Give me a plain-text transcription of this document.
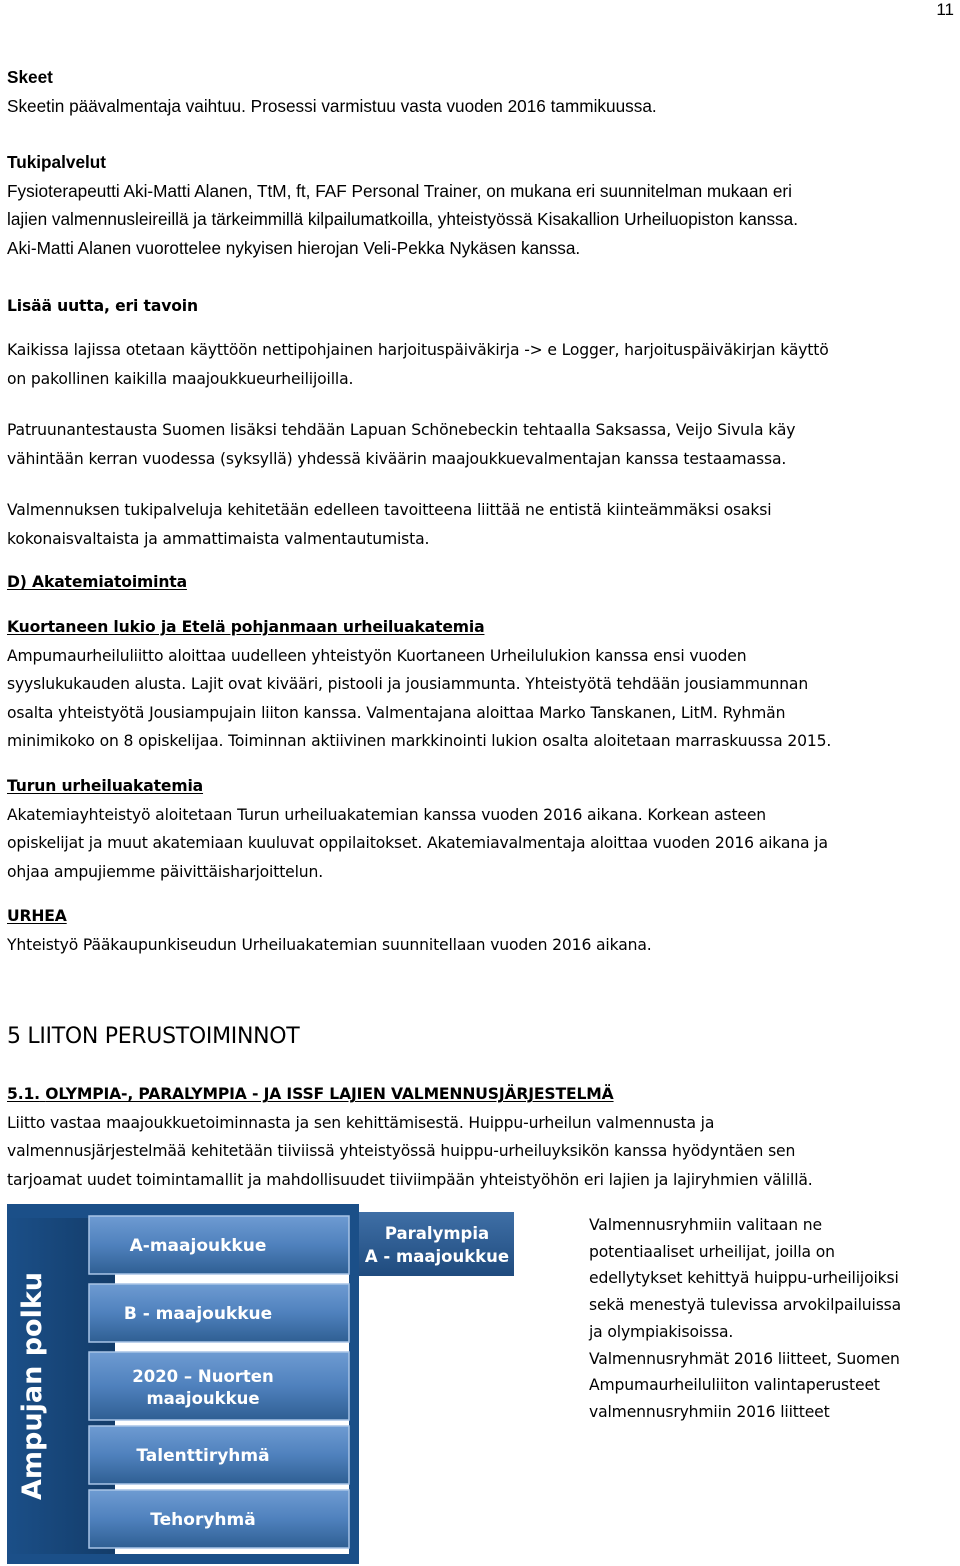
11
Skeet
Skeetin päävalmentaja vaihtuu. Prosessi varmistuu vasta vuoden 2016 tammikuussa.
Tukipalvelut
Fysioterapeutti Aki-Matti Alanen, TtM, ft, FAF Personal Trainer, on mukana eri suunnitelman mukaan eri
lajien valmennusleireillä ja tärkeimmillä kilpailumatkoilla, yhteistyössä Kisakallion Urheiluopiston kanssa.
Aki-Matti Alanen vuorottelee nykyisen hierojan Veli-Pekka Nykäsen kanssa.
Lisää uutta, eri tavoin
Kaikissa lajissa otetaan käyttöön nettipohjainen harjoituspäiväkirja -> e Logger, harjoituspäiväkirjan käyttö
on pakollinen kaikilla maajoukkueurheilijoilla.
Patruunantestausta Suomen lisäksi tehdään Lapuan Schönebeckin tehtaalla Saksassa, Veijo Sivula käy
vähintään kerran vuodessa (syksyllä) yhdessä kiväärin maajoukkuevalmentajan kanssa testaamassa.
Valmennuksen tukipalveluja kehitetään edelleen tavoitteena liittää ne entistä kiinteämmäksi osaksi
kokonaisvaltaista ja ammattimaista valmentautumista.
D) Akatemiatoiminta
Kuortaneen lukio ja Etelä pohjanmaan urheiluakatemia
Ampumaurheiluliitto aloittaa uudelleen yhteistyön Kuortaneen Urheilulukion kanssa ensi vuoden
syyslukukauden alusta. Lajit ovat kivääri, pistooli ja jousiammunta. Yhteistyötä tehdään jousiammunnan
osalta yhteistyötä Jousiampujain liiton kanssa. Valmentajana aloittaa Marko Tanskanen, LitM. Ryhmän
minimikoko on 8 opiskelijaa. Toiminnan aktiivinen markkinointi lukion osalta aloitetaan marraskuussa 2015.
Turun urheiluakatemia
Akatemiayhteistyö aloitetaan Turun urheiluakatemian kanssa vuoden 2016 aikana. Korkean asteen
opiskelijat ja muut akatemiaan kuuluvat oppilaitokset. Akatemiavalmentaja aloittaa vuoden 2016 aikana ja
ohjaa ampujiemme päivittäisharjoittelun.
URHEA
Yhteistyö Pääkaupunkiseudun Urheiluakatemian suunnitellaan vuoden 2016 aikana.
5 LIITON PERUSTOIMINNOT
5.1. OLYMPIA-, PARALYMPIA - JA ISSF LAJIEN VALMENNUSJÄRJESTELMÄ
Liitto vastaa maajoukkuetoiminnasta ja sen kehittämisestä. Huippu-urheilun valmennusta ja
valmennusjärjestelmää kehitetään tiiviissä yhteistyössä huippu-urheiluyksikön kanssa hyödyntäen sen
tarjoamat uudet toimintamallit ja mahdollisuudet tiiviimpään yhteistyöhön eri lajien ja lajiryhmien välillä.
Ampujan polku
A-maajoukkue
B - maajoukkue
2020 – Nuorten
maajoukkue
Talenttiryhmä
Tehoryhmä
Paralympia
A - maajoukkue
Valmennusryhmiin valitaan ne
potentiaaliset urheilijat, joilla on
edellytykset kehittyä huippu-urheilijoiksi
sekä menestyä tulevissa arvokilpailuissa
ja olympiakisoissa.
Valmennusryhmät 2016 liitteet, Suomen
Ampumaurheiluliiton valintaperusteet
valmennusryhmiin 2016 liitteet
